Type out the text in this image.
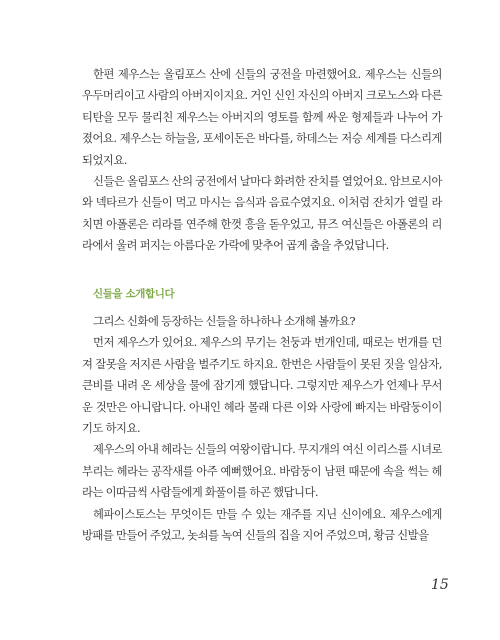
한편 제우스는 올림포스 산에 신들의 궁전을 마련했어요. 제우스는 신들의 우두머리이고 사람의 아버지이지요. 거인 신인 자신의 아버지 크로노스와 다른 티탄을 모두 물리친 제우스는 아버지의 영토를 함께 싸운 형제들과 나누어 가졌어요. 제우스는 하늘을, 포세이돈은 바다를, 하데스는 저승 세계를 다스리게 되었지요.

신들은 올림포스 산의 궁전에서 날마다 화려한 잔치를 열었어요. 암브로시아와 넥타르가 신들이 먹고 마시는 음식과 음료수였지요. 이처럼 잔치가 열릴 라치면 아폴론은 리라를 연주해 한껏 흥을 돋우었고, 뮤즈 여신들은 아폴론의 리라에서 울려 퍼지는 아름다운 가락에 맞추어 곱게 춤을 추었답니다.

신들을 소개합니다

그리스 신화에 등장하는 신들을 하나하나 소개해 볼까요?

먼저 제우스가 있어요. 제우스의 무기는 천둥과 번개인데, 때로는 번개를 던져 잘못을 저지른 사람을 벌주기도 하지요. 한번은 사람들이 못된 짓을 일삼자, 큰비를 내려 온 세상을 물에 잠기게 했답니다. 그렇지만 제우스가 언제나 무서운 것만은 아니랍니다. 아내인 헤라 몰래 다른 이와 사랑에 빠지는 바람둥이이기도 하지요.

제우스의 아내 헤라는 신들의 여왕이랍니다. 무지개의 여신 이리스를 시녀로 부리는 헤라는 공작새를 아주 예뻐했어요. 바람둥이 남편 때문에 속을 썩는 헤라는 이따금씩 사람들에게 화풀이를 하곤 했답니다.

헤파이스토스는 무엇이든 만들 수 있는 재주를 지닌 신이에요. 제우스에게 방패를 만들어 주었고, 놋쇠를 녹여 신들의 집을 지어 주었으며, 황금 신발을

15
